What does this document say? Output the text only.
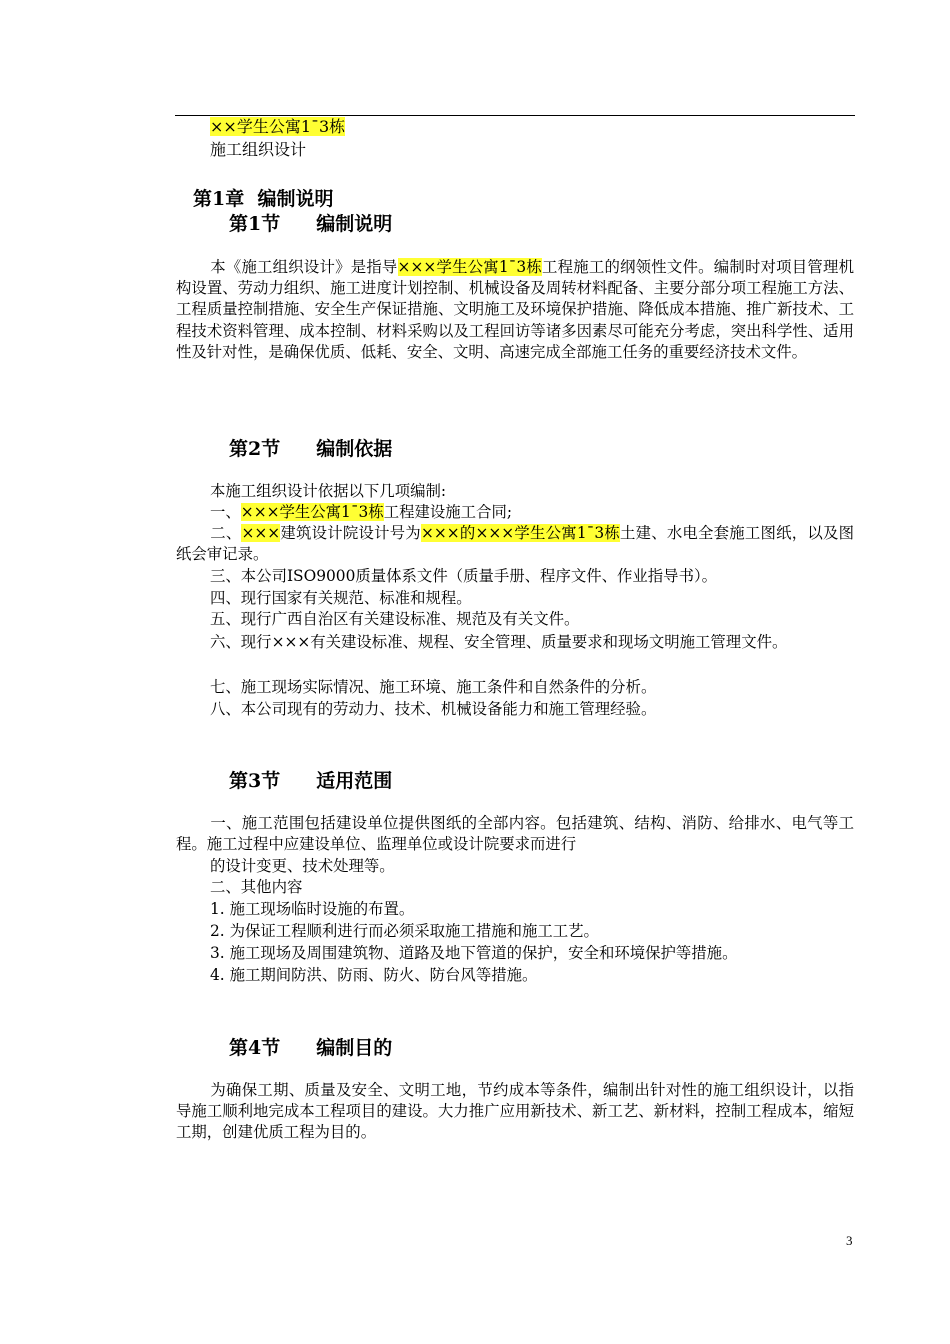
××学生公寓1¯3栋
施工组织设计
第1章 编制说明
第1节 编制说明
本《施工组织设计》是指导×××学生公寓1¯3栋工程施工的纲领性文件。编制时对项目管理机构设置、劳动力组织、施工进度计划控制、机械设备及周转材料配备、主要分部分项工程施工方法、工程质量控制措施、安全生产保证措施、文明施工及环境保护措施、降低成本措施、推广新技术、工程技术资料管理、成本控制、材料采购以及工程回访等诸多因素尽可能充分考虑，突出科学性、适用性及针对性，是确保优质、低耗、安全、文明、高速完成全部施工任务的重要经济技术文件。
第2节 编制依据
本施工组织设计依据以下几项编制:
一、×××学生公寓1¯3栋工程建设施工合同;
二、×××建筑设计院设计号为×××的×××学生公寓1¯3栋土建、水电全套施工图纸，以及图纸会审记录。
三、本公司ISO9000质量体系文件（质量手册、程序文件、作业指导书）。
四、现行国家有关规范、标准和规程。
五、现行广西自治区有关建设标准、规范及有关文件。
六、现行×××有关建设标准、规程、安全管理、质量要求和现场文明施工管理文件。
七、施工现场实际情况、施工环境、施工条件和自然条件的分析。
八、本公司现有的劳动力、技术、机械设备能力和施工管理经验。
第3节 适用范围
一、施工范围包括建设单位提供图纸的全部内容。包括建筑、结构、消防、给排水、电气等工程。施工过程中应建设单位、监理单位或设计院要求而进行
的设计变更、技术处理等。
二、其他内容
1. 施工现场临时设施的布置。
2. 为保证工程顺利进行而必须采取施工措施和施工工艺。
3. 施工现场及周围建筑物、道路及地下管道的保护，安全和环境保护等措施。
4. 施工期间防洪、防雨、防火、防台风等措施。
第4节 编制目的
为确保工期、质量及安全、文明工地，节约成本等条件，编制出针对性的施工组织设计，以指导施工顺利地完成本工程项目的建设。大力推广应用新技术、新工艺、新材料，控制工程成本，缩短工期，创建优质工程为目的。
3
